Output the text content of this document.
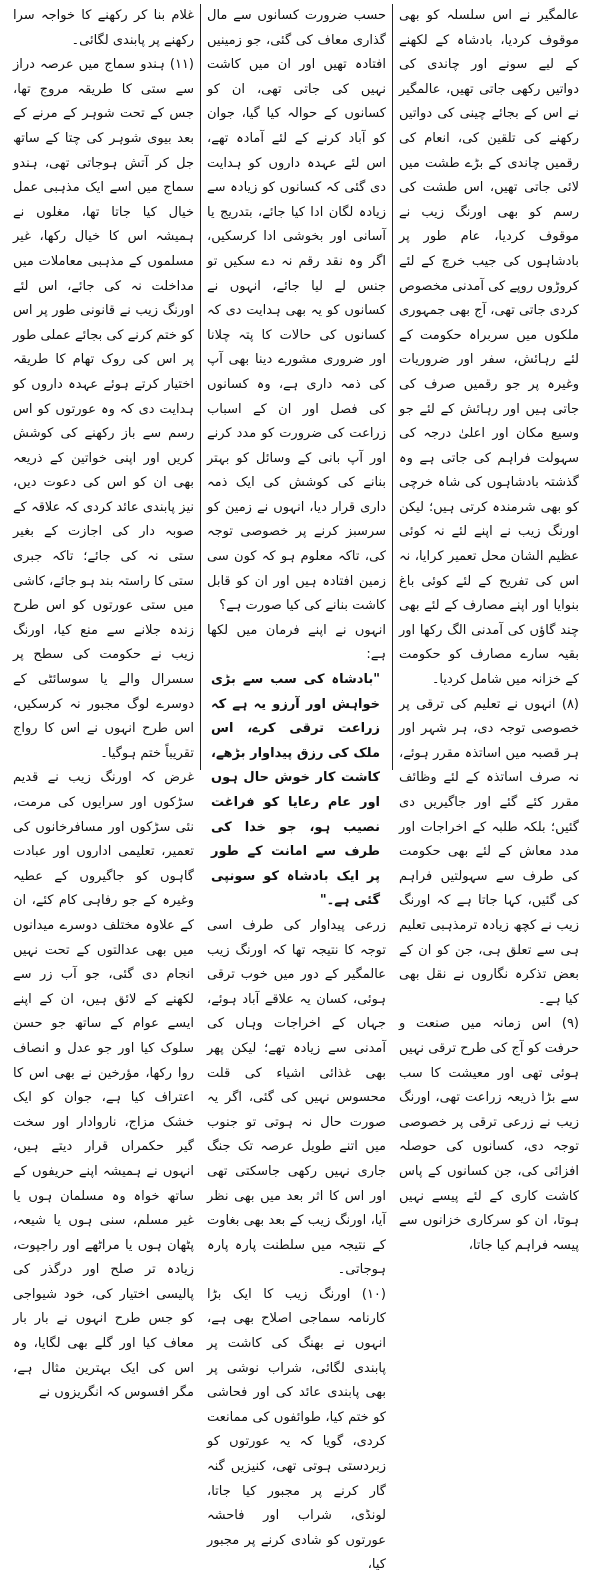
عالمگیر نے اس سلسلہ کو بھی موقوف کردیا، بادشاہ کے لکھنے کے لیے سونے اور چاندی کی دواتیں رکھی جاتی تھیں، عالمگیر نے اس کے بجائے چینی کی دواتیں رکھنے کی تلقین کی، انعام کی رقمیں چاندی کے بڑے طشت میں لائی جاتی تھیں، اس طشت کی رسم کو بھی اورنگ زیب نے موقوف کردیا، عام طور پر بادشاہوں کی جیب خرچ کے لئے کروڑوں روپے کی آمدنی مخصوص کردی جاتی تھی، آج بھی جمہوری ملکوں میں سربراہ حکومت کے لئے رہائش، سفر اور ضروریات وغیرہ پر جو رقمیں صرف کی جاتی ہیں اور رہائش کے لئے جو وسیع مکان اور اعلیٰ درجہ کی سہولت فراہم کی جاتی ہے وہ گذشتہ بادشاہوں کی شاہ خرچی کو بھی شرمندہ کرتی ہیں؛ لیکن اورنگ زیب نے اپنے لئے نہ کوئی عظیم الشان محل تعمیر کرایا، نہ اس کی تفریح کے لئے کوئی باغ بنوایا اور اپنے مصارف کے لئے بھی چند گاؤں کی آمدنی الگ رکھا اور بقیہ سارے مصارف کو حکومت کے خزانہ میں شامل کردیا۔

(۸) انہوں نے تعلیم کی ترقی پر خصوصی توجہ دی، ہر شہر اور ہر قصبہ میں اساتذہ مقرر ہوئے، نہ صرف اساتذہ کے لئے وظائف مقرر کئے گئے اور جاگیریں دی گئیں؛ بلکہ طلبہ کے اخراجات اور مدد معاش کے لئے بھی حکومت کی طرف سے سہولتیں فراہم کی گئیں، کہا جاتا ہے کہ اورنگ زیب نے کچھ زیادہ ترمذہبی تعلیم ہی سے تعلق ہی، جن کو ان کے بعض تذکرہ نگاروں نے نقل بھی کیا ہے۔

(۹) اس زمانہ میں صنعت و حرفت کو آج کی طرح ترقی نہیں ہوئی تھی اور معیشت کا سب سے بڑا ذریعہ زراعت تھی، اورنگ زیب نے زرعی ترقی پر خصوصی توجہ دی، کسانوں کی حوصلہ افزائی کی، جن کسانوں کے پاس کاشت کاری کے لئے پیسے نہیں ہوتا، ان کو سرکاری خزانوں سے پیسہ فراہم کیا جاتا،

حسب ضرورت کسانوں سے مال گذاری معاف کی گئی، جو زمینیں افتادہ تھیں اور ان میں کاشت نہیں کی جاتی تھی، ان کو کسانوں کے حوالہ کیا گیا، جوان کو آباد کرنے کے لئے آمادہ تھے، اس لئے عہدہ داروں کو ہدایت دی گئی کہ کسانوں کو زیادہ سے زیادہ لگان ادا کیا جائے، بتدریج یا آسانی اور بخوشی ادا کرسکیں، اگر وہ نقد رقم نہ دے سکیں تو جنس لے لیا جائے، انہوں نے کسانوں کو یہ بھی ہدایت دی کہ کسانوں کی حالات کا پتہ چلانا اور ضروری مشورے دینا بھی آپ کی ذمہ داری ہے، وہ کسانوں کی فصل اور ان کے اسباب زراعت کی ضرورت کو مدد کرنے اور آپ بانی کے وسائل کو بہتر بنانے کی کوشش کی ایک ذمہ داری قرار دیا، انہوں نے زمین کو سرسبز کرنے پر خصوصی توجہ کی، تاکہ معلوم ہو کہ کون سی زمین افتادہ ہیں اور ان کو قابل کاشت بنانے کی کیا صورت ہے؟

انہوں نے اپنے فرمان میں لکھا ہے:

"بادشاہ کی سب سے بڑی خواہش اور آرزو یہ ہے کہ زراعت ترقی کرے، اس ملک کی رزق پیداوار بڑھے، کاشت کار خوش حال ہوں اور عام رعایا کو فراغت نصیب ہو، جو خدا کی طرف سے امانت کے طور پر ایک بادشاہ کو سونپی گئی ہے۔"

زرعی پیداوار کی طرف اسی توجہ کا نتیجہ تھا کہ اورنگ زیب عالمگیر کے دور میں خوب ترقی ہوئی، کسان یہ علاقے آباد ہوئے، جہاں کے اخراجات وہاں کی آمدنی سے زیادہ تھے؛ لیکن پھر بھی غذائی اشیاء کی قلت محسوس نہیں کی گئی، اگر یہ صورت حال نہ ہوتی تو جنوب میں اتنے طویل عرصہ تک جنگ جاری نہیں رکھی جاسکتی تھی اور اس کا اثر بعد میں بھی نظر آیا، اورنگ زیب کے بعد بھی بغاوت کے نتیجہ میں سلطنت پارہ پارہ ہوجاتی۔

(۱۰) اورنگ زیب کا ایک بڑا کارنامہ سماجی اصلاح بھی ہے، انہوں نے بھنگ کی کاشت پر پابندی لگائی، شراب نوشی پر بھی پابندی عائد کی اور فحاشی کو ختم کیا، طوائفوں کی ممانعت کردی، گویا کہ یہ عورتوں کو زبردستی ہوتی تھی، کنیزیں گنہ گار کرنے پر مجبور کیا جاتا، لونڈی، شراب اور فاحشہ عورتوں کو شادی کرنے پر مجبور کیا،

غلام بنا کر رکھنے کا خواجہ سرا رکھنے پر پابندی لگائی۔

(۱۱) ہندو سماج میں عرصہ دراز سے ستی کا طریقہ مروج تھا، جس کے تحت شوہر کے مرنے کے بعد بیوی شوہر کی چتا کے ساتھ جل کر آتش ہوجاتی تھی، ہندو سماج میں اسے ایک مذہبی عمل خیال کیا جاتا تھا، مغلوں نے ہمیشہ اس کا خیال رکھا، غیر مسلموں کے مذہبی معاملات میں مداخلت نہ کی جائے، اس لئے اورنگ زیب نے قانونی طور پر اس کو ختم کرنے کی بجائے عملی طور پر اس کی روک تھام کا طریقہ اختیار کرتے ہوئے عہدہ داروں کو ہدایت دی کہ وہ عورتوں کو اس رسم سے باز رکھنے کی کوشش کریں اور اپنی خواتین کے ذریعہ بھی ان کو اس کی دعوت دیں، نیز پابندی عائد کردی کہ علاقہ کے صوبہ دار کی اجازت کے بغیر ستی نہ کی جائے؛ تاکہ جبری ستی کا راستہ بند ہو جائے، کاشی میں ستی عورتوں کو اس طرح زندہ جلانے سے منع کیا، اورنگ زیب نے حکومت کی سطح پر سسرال والے یا سوسائٹی کے دوسرے لوگ مجبور نہ کرسکیں، اس طرح انہوں نے اس کا رواج تقریباً ختم ہوگیا۔

غرض کہ اورنگ زیب نے قدیم سڑکوں اور سرایوں کی مرمت، نئی سڑکوں اور مسافرخانوں کی تعمیر، تعلیمی اداروں اور عبادت گاہوں کو جاگیروں کے عطیہ وغیرہ کے جو رفاہی کام کئے، ان کے علاوہ مختلف دوسرے میدانوں میں بھی عدالتوں کے تحت نہیں انجام دی گئی، جو آب زر سے لکھنے کے لائق ہیں، ان کے اپنے ایسے عوام کے ساتھ جو حسن سلوک کیا اور جو عدل و انصاف روا رکھا، مؤرخین نے بھی اس کا اعتراف کیا ہے، جوان کو ایک خشک مزاج، ناروادار اور سخت گیر حکمراں قرار دیتے ہیں، انہوں نے ہمیشہ اپنے حریفوں کے ساتھ خواہ وہ مسلمان ہوں یا غیر مسلم، سنی ہوں یا شیعہ، پٹھان ہوں یا مراٹھے اور راجپوت، زیادہ تر صلح اور درگذر کی پالیسی اختیار کی، خود شیواجی کو جس طرح انہوں نے بار بار معاف کیا اور گلے بھی لگایا، وہ اس کی ایک بہترین مثال ہے، مگر افسوس کہ انگریزوں نے
